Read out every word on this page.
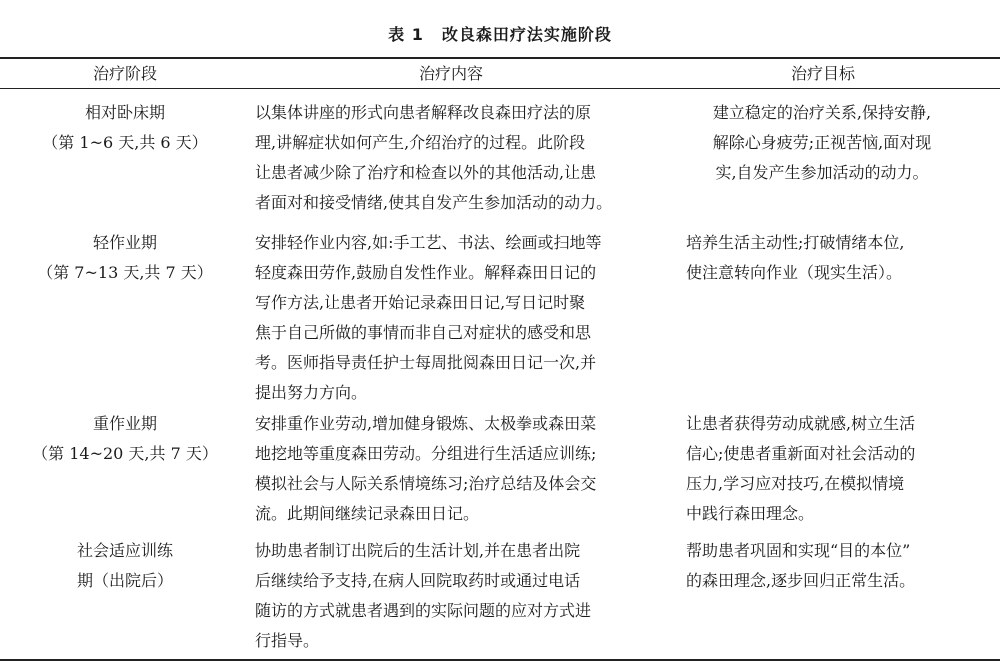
表 1 改良森田疗法实施阶段
治疗阶段	治疗内容	治疗目标
相对卧床期
（第 1~6 天,共 6 天）
以集体讲座的形式向患者解释改良森田疗法的原
理,讲解症状如何产生,介绍治疗的过程。此阶段
让患者减少除了治疗和检查以外的其他活动,让患
者面对和接受情绪,使其自发产生参加活动的动力。
建立稳定的治疗关系,保持安静,
解除心身疲劳;正视苦恼,面对现
实,自发产生参加活动的动力。
轻作业期
（第 7~13 天,共 7 天）
安排轻作业内容,如:手工艺、书法、绘画或扫地等
轻度森田劳作,鼓励自发性作业。解释森田日记的
写作方法,让患者开始记录森田日记,写日记时聚
焦于自己所做的事情而非自己对症状的感受和思
考。医师指导责任护士每周批阅森田日记一次,并
提出努力方向。
培养生活主动性;打破情绪本位,
使注意转向作业（现实生活）。
重作业期
（第 14~20 天,共 7 天）
安排重作业劳动,增加健身锻炼、太极拳或森田菜
地挖地等重度森田劳动。分组进行生活适应训练;
模拟社会与人际关系情境练习;治疗总结及体会交
流。此期间继续记录森田日记。
让患者获得劳动成就感,树立生活
信心;使患者重新面对社会活动的
压力,学习应对技巧,在模拟情境
中践行森田理念。
社会适应训练
期（出院后）
协助患者制订出院后的生活计划,并在患者出院
后继续给予支持,在病人回院取药时或通过电话
随访的方式就患者遇到的实际问题的应对方式进
行指导。
帮助患者巩固和实现“目的本位”
的森田理念,逐步回归正常生活。
